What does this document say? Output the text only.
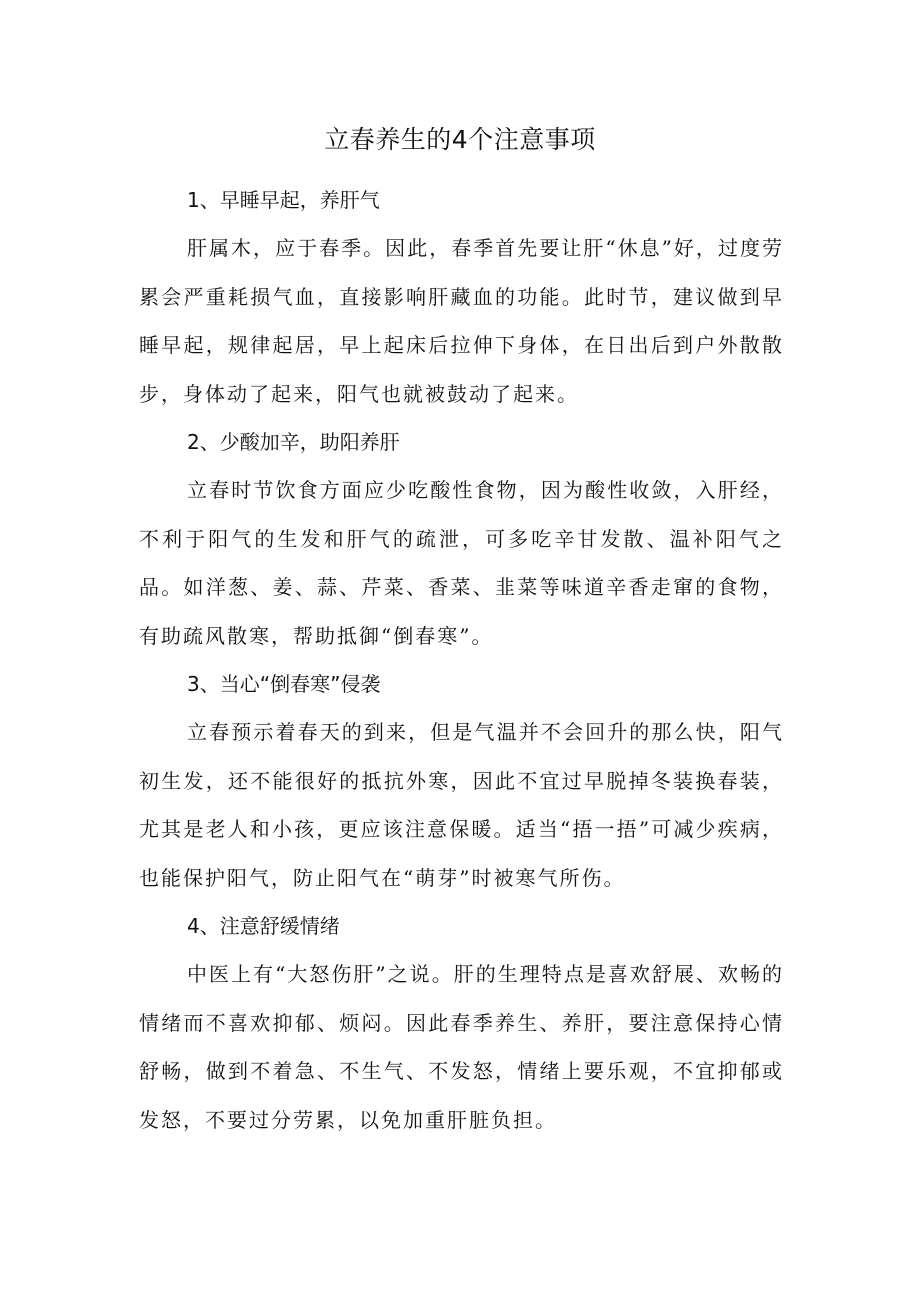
立春养生的4个注意事项
1、早睡早起，养肝气

肝属木，应于春季。因此，春季首先要让肝“休息”好，过度劳累会严重耗损气血，直接影响肝藏血的功能。此时节，建议做到早睡早起，规律起居，早上起床后拉伸下身体，在日出后到户外散散步，身体动了起来，阳气也就被鼓动了起来。

2、少酸加辛，助阳养肝

立春时节饮食方面应少吃酸性食物，因为酸性收敛，入肝经，不利于阳气的生发和肝气的疏泄，可多吃辛甘发散、温补阳气之品。如洋葱、姜、蒜、芹菜、香菜、韭菜等味道辛香走窜的食物，有助疏风散寒，帮助抵御“倒春寒”。

3、当心“倒春寒”侵袭

立春预示着春天的到来，但是气温并不会回升的那么快，阳气初生发，还不能很好的抵抗外寒，因此不宜过早脱掉冬装换春装，尤其是老人和小孩，更应该注意保暖。适当“捂一捂”可减少疾病，也能保护阳气，防止阳气在“萌芽”时被寒气所伤。

4、注意舒缓情绪

中医上有“大怒伤肝”之说。肝的生理特点是喜欢舒展、欢畅的情绪而不喜欢抑郁、烦闷。因此春季养生、养肝，要注意保持心情舒畅，做到不着急、不生气、不发怒，情绪上要乐观，不宜抑郁或发怒，不要过分劳累，以免加重肝脏负担。
